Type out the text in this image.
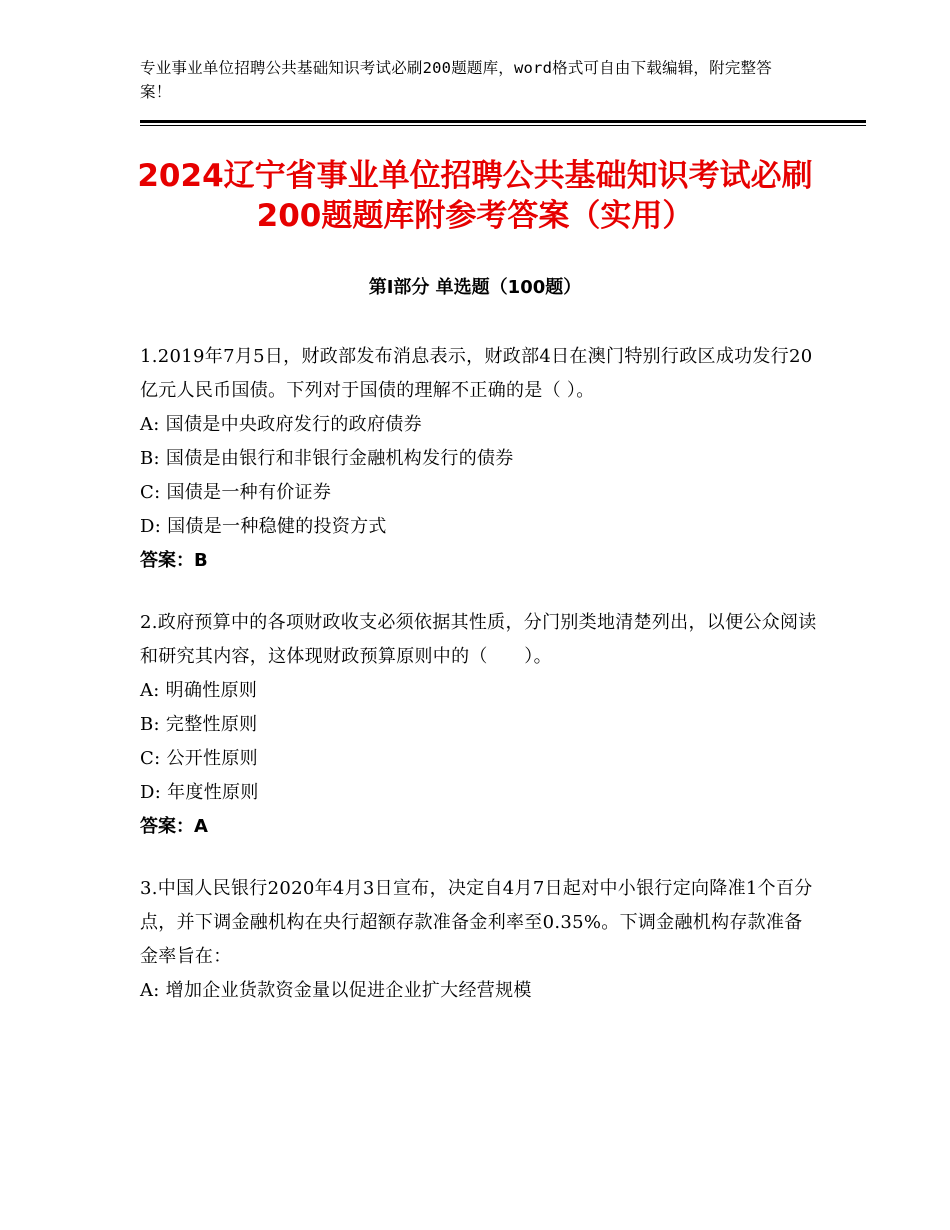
专业事业单位招聘公共基础知识考试必刷200题题库，word格式可自由下载编辑，附完整答案！
2024辽宁省事业单位招聘公共基础知识考试必刷200题题库附参考答案（实用）
第Ⅰ部分 单选题（100题）

1.2019年7月5日，财政部发布消息表示，财政部4日在澳门特别行政区成功发行20亿元人民币国债。下列对于国债的理解不正确的是（ ）。

A: 国债是中央政府发行的政府债券

B: 国债是由银行和非银行金融机构发行的债券

C: 国债是一种有价证券

D: 国债是一种稳健的投资方式

答案：B

2.政府预算中的各项财政收支必须依据其性质，分门别类地清楚列出，以便公众阅读和研究其内容，这体现财政预算原则中的（　　）。

A: 明确性原则

B: 完整性原则

C: 公开性原则

D: 年度性原则

答案：A

3.中国人民银行2020年4月3日宣布，决定自4月7日起对中小银行定向降准1个百分点，并下调金融机构在央行超额存款准备金利率至0.35%。下调金融机构存款准备金率旨在：

A: 增加企业货款资金量以促进企业扩大经营规模
